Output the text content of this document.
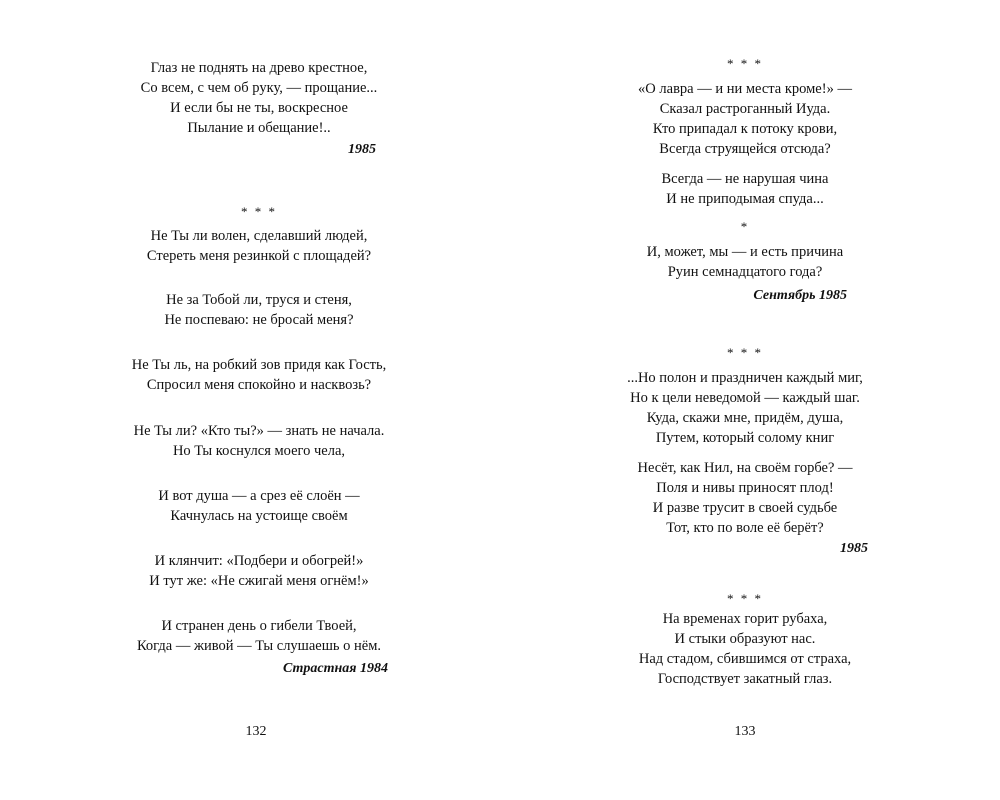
Глаз не поднять на древо крестное,
Со всем, с чем об руку, — прощание...
И если бы не ты, воскресное
Пылание и обещание!..
1985
* * *
Не Ты ли волен, сделавший людей,
Стереть меня резинкой с площадей?
Не за Тобой ли, труся и стеня,
Не поспеваю: не бросай меня?
Не Ты ль, на робкий зов придя как Гость,
Спросил меня спокойно и насквозь?
Не Ты ли? «Кто ты?» — знать не начала.
Но Ты коснулся моего чела,
И вот душа — а срез её слоён —
Качнулась на устоище своём
И клянчит: «Подбери и обогрей!»
И тут же: «Не сжигай меня огнём!»
И странен день о гибели Твоей,
Когда — живой — Ты слушаешь о нём.
Страстная 1984
132
* * *
«О лавра — и ни места кроме!» —
Сказал растроганный Иуда.
Кто припадал к потоку крови,
Всегда струящейся отсюда?
Всегда — не нарушая чина
И не приподымая спуда...
*
И, может, мы — и есть причина
Руин семнадцатого года?
Сентябрь 1985
* * *
...Но полон и праздничен каждый миг,
Но к цели неведомой — каждый шаг.
Куда, скажи мне, придём, душа,
Путем, который солому книг
Несёт, как Нил, на своём горбе? —
Поля и нивы приносят плод!
И разве трусит в своей судьбе
Тот, кто по воле её берёт?
1985
* * *
На временах горит рубаха,
И стыки образуют нас.
Над стадом, сбившимся от страха,
Господствует закатный глаз.
133
